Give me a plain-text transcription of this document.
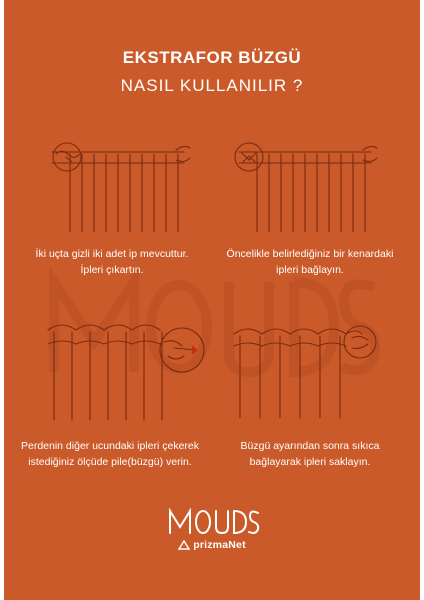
EKSTRAFOR BÜZGÜ
NASIL KULLANILIR ?
İki uçta gizli iki adet ip mevcuttur.
İpleri çıkartın.
Öncelikle belirlediğiniz bir kenardaki
ipleri bağlayın.
Perdenin diğer ucundaki ipleri çekerek
istediğiniz ölçüde pile(büzgü) verin.
Büzgü ayarından sonra sıkıca
bağlayarak ipleri saklayın.
prizmaNet
